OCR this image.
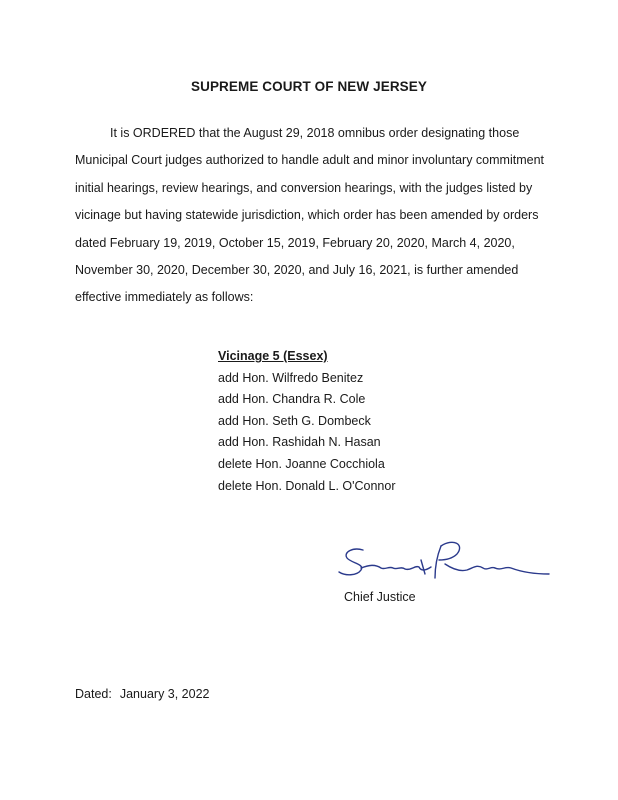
SUPREME COURT OF NEW JERSEY
It is ORDERED that the August 29, 2018 omnibus order designating those
Municipal Court judges authorized to handle adult and minor involuntary commitment
initial hearings, review hearings, and conversion hearings, with the judges listed by
vicinage but having statewide jurisdiction, which order has been amended by orders
dated February 19, 2019, October 15, 2019, February 20, 2020, March 4, 2020,
November 30, 2020, December 30, 2020, and July 16, 2021, is further amended
effective immediately as follows:
Vicinage 5 (Essex)
add Hon. Wilfredo Benitez
add Hon. Chandra R. Cole
add Hon. Seth G. Dombeck
add Hon. Rashidah N. Hasan
delete Hon. Joanne Cocchiola
delete Hon. Donald L. O'Connor
Chief Justice
Dated: January 3, 2022
